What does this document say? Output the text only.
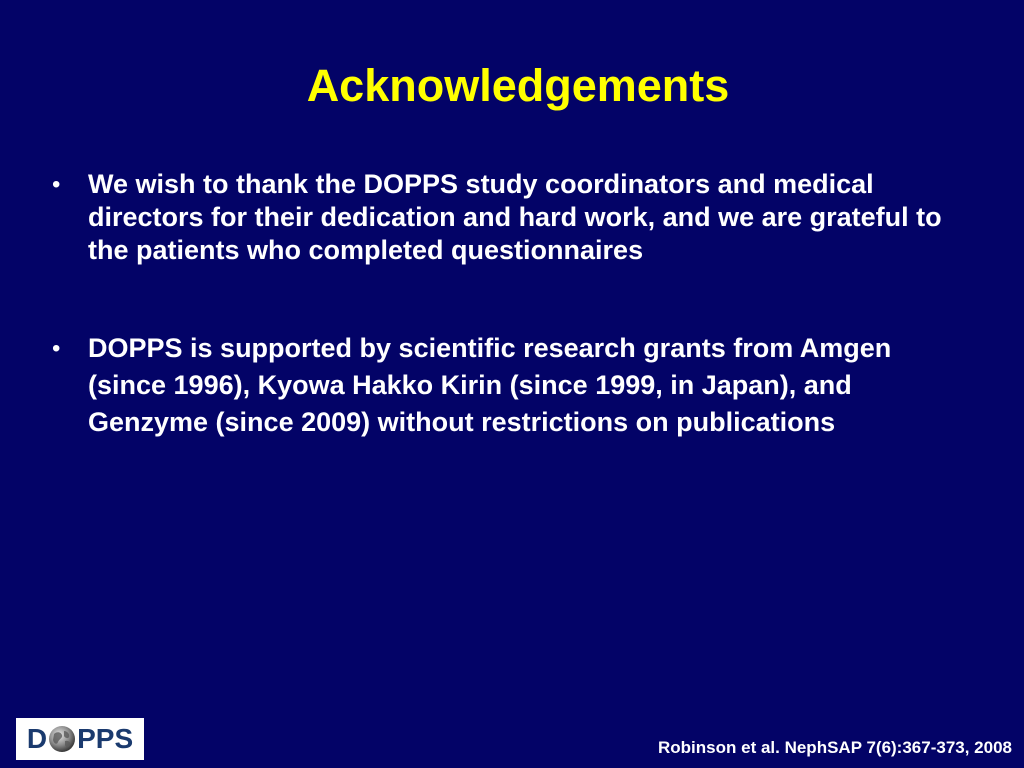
Acknowledgements
• We wish to thank the DOPPS study coordinators and medical directors for their dedication and hard work, and we are grateful to the patients who completed questionnaires
• DOPPS is supported by scientific research grants from Amgen (since 1996), Kyowa Hakko Kirin (since 1999, in Japan), and Genzyme (since 2009) without restrictions on publications
D PPS	Robinson et al. NephSAP 7(6):367-373, 2008
